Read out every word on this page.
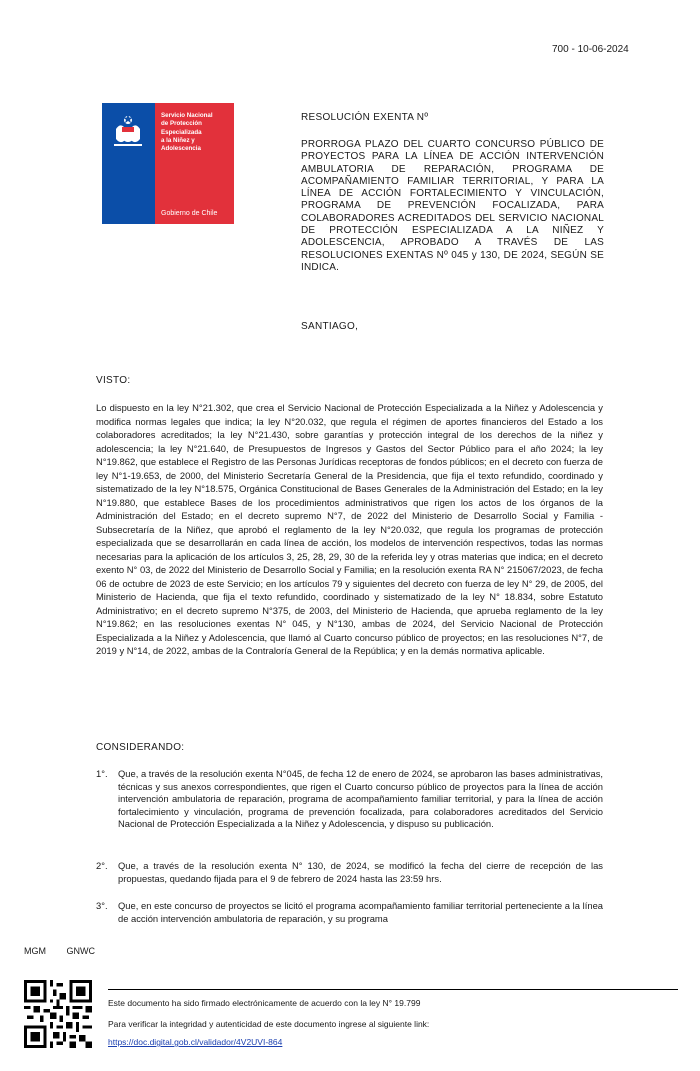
700 - 10-06-2024
Servicio Nacional
de Protección
Especializada
a la Niñez y
Adolescencia
Gobierno de Chile
RESOLUCIÓN EXENTA Nº
PRORROGA PLAZO DEL CUARTO CONCURSO PÚBLICO DE PROYECTOS PARA LA LÍNEA DE ACCIÓN INTERVENCIÓN AMBULATORIA DE REPARACIÓN, PROGRAMA DE ACOMPAÑAMIENTO FAMILIAR TERRITORIAL, Y PARA LA LÍNEA DE ACCIÓN FORTALECIMIENTO Y VINCULACIÓN, PROGRAMA DE PREVENCIÓN FOCALIZADA, PARA COLABORADORES ACREDITADOS DEL SERVICIO NACIONAL DE PROTECCIÓN ESPECIALIZADA A LA NIÑEZ Y ADOLESCENCIA, APROBADO A TRAVÉS DE LAS RESOLUCIONES EXENTAS Nº 045 y 130, DE 2024, SEGÚN SE INDICA.
SANTIAGO,
VISTO:
Lo dispuesto en la ley N°21.302, que crea el Servicio Nacional de Protección Especializada a la Niñez y Adolescencia y modifica normas legales que indica; la ley N°20.032, que regula el régimen de aportes financieros del Estado a los colaboradores acreditados; la ley N°21.430, sobre garantías y protección integral de los derechos de la niñez y adolescencia; la ley N°21.640, de Presupuestos de Ingresos y Gastos del Sector Público para el año 2024; la ley N°19.862, que establece el Registro de las Personas Jurídicas receptoras de fondos públicos; en el decreto con fuerza de ley N°1-19.653, de 2000, del Ministerio Secretaría General de la Presidencia, que fija el texto refundido, coordinado y sistematizado de la ley N°18.575, Orgánica Constitucional de Bases Generales de la Administración del Estado; en la ley N°19.880, que establece Bases de los procedimientos administrativos que rigen los actos de los órganos de la Administración del Estado; en el decreto supremo N°7, de 2022 del Ministerio de Desarrollo Social y Familia - Subsecretaría de la Niñez, que aprobó el reglamento de la ley N°20.032, que regula los programas de protección especializada que se desarrollarán en cada línea de acción, los modelos de intervención respectivos, todas las normas necesarias para la aplicación de los artículos 3, 25, 28, 29, 30 de la referida ley y otras materias que indica; en el decreto exento N° 03, de 2022 del Ministerio de Desarrollo Social y Familia; en la resolución exenta RA N° 215067/2023, de fecha 06 de octubre de 2023 de este Servicio; en los artículos 79 y siguientes del decreto con fuerza de ley N° 29, de 2005, del Ministerio de Hacienda, que fija el texto refundido, coordinado y sistematizado de la ley N° 18.834, sobre Estatuto Administrativo; en el decreto supremo N°375, de 2003, del Ministerio de Hacienda, que aprueba reglamento de la ley N°19.862; en las resoluciones exentas N° 045, y N°130, ambas de 2024, del Servicio Nacional de Protección Especializada a la Niñez y Adolescencia, que llamó al Cuarto concurso público de proyectos; en las resoluciones N°7, de 2019 y N°14, de 2022, ambas de la Contraloría General de la República; y en la demás normativa aplicable.
CONSIDERANDO:
1°.	Que, a través de la resolución exenta N°045, de fecha 12 de enero de 2024, se aprobaron las bases administrativas, técnicas y sus anexos correspondientes, que rigen el Cuarto concurso público de proyectos para la línea de acción intervención ambulatoria de reparación, programa de acompañamiento familiar territorial, y para la línea de acción fortalecimiento y vinculación, programa de prevención focalizada, para colaboradores acreditados del Servicio Nacional de Protección Especializada a la Niñez y Adolescencia, y dispuso su publicación.
2°.	Que, a través de la resolución exenta N° 130, de 2024, se modificó la fecha del cierre de recepción de las propuestas, quedando fijada para el 9 de febrero de 2024 hasta las 23:59 hrs.
3°.	Que, en este concurso de proyectos se licitó el programa acompañamiento familiar territorial perteneciente a la línea de acción intervención ambulatoria de reparación, y su programa
MGM GNWC
Este documento ha sido firmado electrónicamente de acuerdo con la ley N° 19.799
Para verificar la integridad y autenticidad de este documento ingrese al siguiente link:
https://doc.digital.gob.cl/validador/4V2UVI-864
